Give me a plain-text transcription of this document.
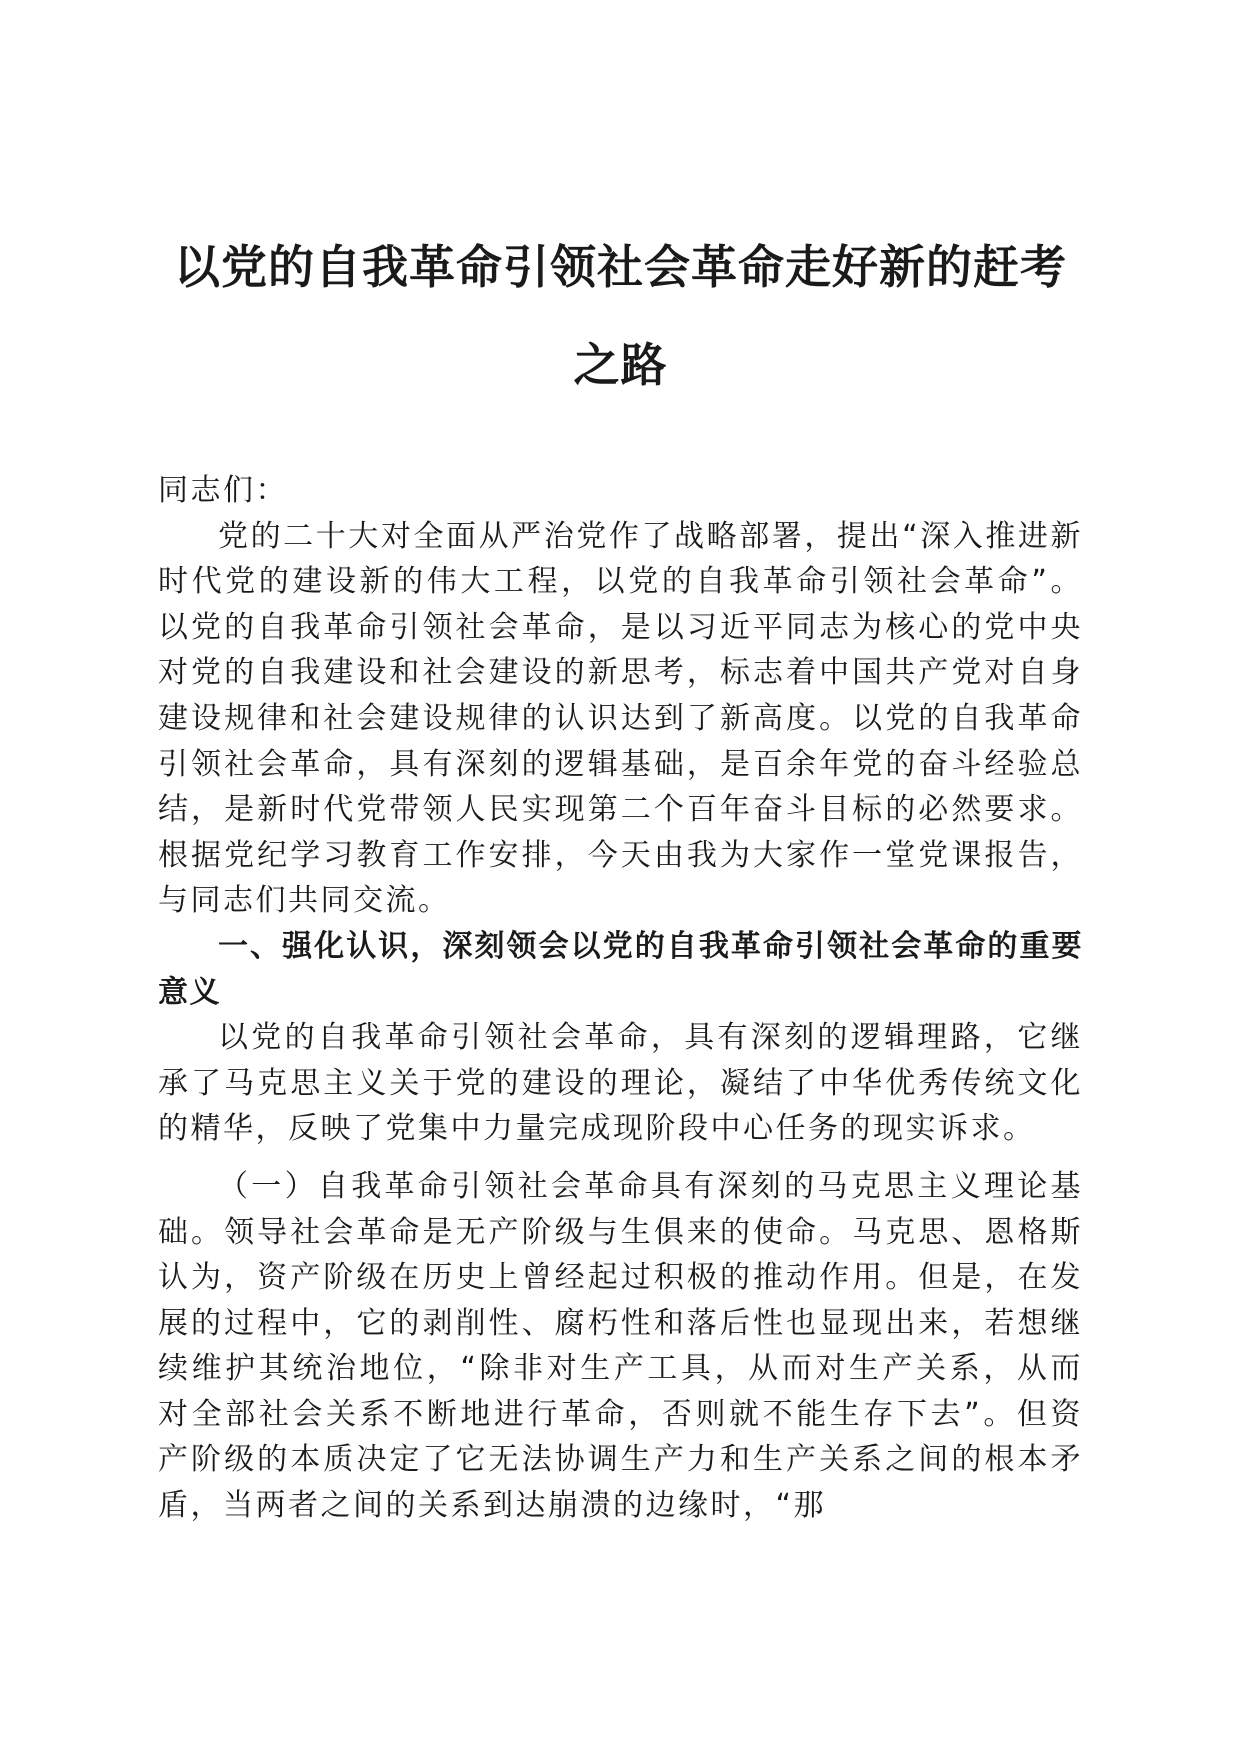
以党的自我革命引领社会革命走好新的赶考之路

同志们：

党的二十大对全面从严治党作了战略部署，提出“深入推进新时代党的建设新的伟大工程，以党的自我革命引领社会革命”。以党的自我革命引领社会革命，是以习近平同志为核心的党中央对党的自我建设和社会建设的新思考，标志着中国共产党对自身建设规律和社会建设规律的认识达到了新高度。以党的自我革命引领社会革命，具有深刻的逻辑基础，是百余年党的奋斗经验总结，是新时代党带领人民实现第二个百年奋斗目标的必然要求。根据党纪学习教育工作安排，今天由我为大家作一堂党课报告，与同志们共同交流。

一、强化认识，深刻领会以党的自我革命引领社会革命的重要意义

以党的自我革命引领社会革命，具有深刻的逻辑理路，它继承了马克思主义关于党的建设的理论，凝结了中华优秀传统文化的精华，反映了党集中力量完成现阶段中心任务的现实诉求。

（一）自我革命引领社会革命具有深刻的马克思主义理论基础。领导社会革命是无产阶级与生俱来的使命。马克思、恩格斯认为，资产阶级在历史上曾经起过积极的推动作用。但是，在发展的过程中，它的剥削性、腐朽性和落后性也显现出来，若想继续维护其统治地位，“除非对生产工具，从而对生产关系，从而对全部社会关系不断地进行革命，否则就不能生存下去”。但资产阶级的本质决定了它无法协调生产力和生产关系之间的根本矛盾，当两者之间的关系到达崩溃的边缘时，“那
